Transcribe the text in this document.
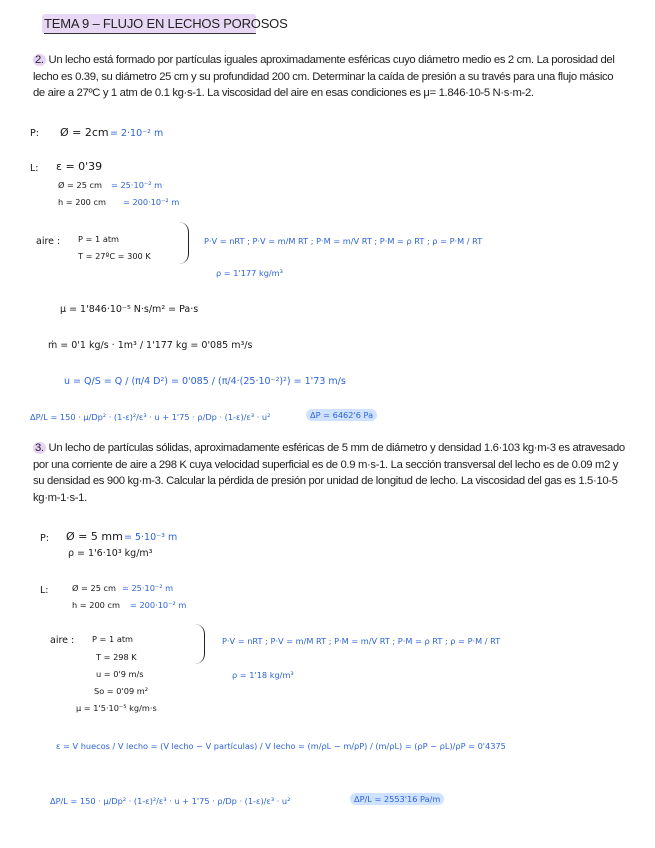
TEMA 9 – FLUJO EN LECHOS POROSOS
2. Un lecho está formado por partículas iguales aproximadamente esféricas cuyo diámetro medio es 2 cm. La porosidad del lecho es 0.39, su diámetro 25 cm y su profundidad 200 cm. Determinar la caída de presión a su través para una flujo másico de aire a 27ºC y 1 atm de 0.1 kg·s-1. La viscosidad del aire en esas condiciones es μ= 1.846·10-5 N·s·m-2.
P: Ø = 2cm = 2·10⁻² m
L: ε = 0'39
Ø = 25 cm = 25·10⁻² m
h = 200 cm = 200·10⁻² m
aire : P = 1 atm
T = 27ºC = 300 K
P·V = nRT ; P·V = m/M RT ; P·M = m/V RT ; P·M = ρ RT ; ρ = P·M / RT
ρ = 1'177 kg/m³
μ = 1'846·10⁻⁵ N·s/m² = Pa·s
ṁ = 0'1 kg/s · 1m³ / 1'177 kg = 0'085 m³/s
u = Q/S = Q / (π/4 D²) = 0'085 / (π/4·(25·10⁻²)²) = 1'73 m/s
ΔP/L = 150 · μ/Dp² · (1-ε)²/ε³ · u + 1'75 · ρ/Dp · (1-ε)/ε³ · u²	ΔP = 6462'6 Pa
3. Un lecho de partículas sólidas, aproximadamente esféricas de 5 mm de diámetro y densidad 1.6·103 kg·m-3 es atravesado por una corriente de aire a 298 K cuya velocidad superficial es de 0.9 m·s-1. La sección transversal del lecho es de 0.09 m2 y su densidad es 900 kg·m-3. Calcular la pérdida de presión por unidad de longitud de lecho. La viscosidad del gas es 1.5·10-5 kg·m-1·s-1.
P: Ø = 5 mm = 5·10⁻³ m
ρ = 1'6·10³ kg/m³
L:	Ø = 25 cm = 25·10⁻² m
h = 200 cm = 200·10⁻² m
aire : P = 1 atm
T = 298 K
u = 0'9 m/s
So = 0'09 m²
μ = 1'5·10⁻⁵ kg/m·s
P·V = nRT ; P·V = m/M RT ; P·M = m/V RT ; P·M = ρ RT ; ρ = P·M / RT
ρ = 1'18 kg/m³
ε = V huecos / V lecho = (V lecho − V partículas) / V lecho = (m/ρL − m/ρP) / (m/ρL) = (ρP − ρL)/ρP = 0'4375
ΔP/L = 150 · μ/Dp² · (1-ε)²/ε³ · u + 1'75 · ρ/Dp · (1-ε)/ε³ · u²	ΔP/L = 2553'16 Pa/m
